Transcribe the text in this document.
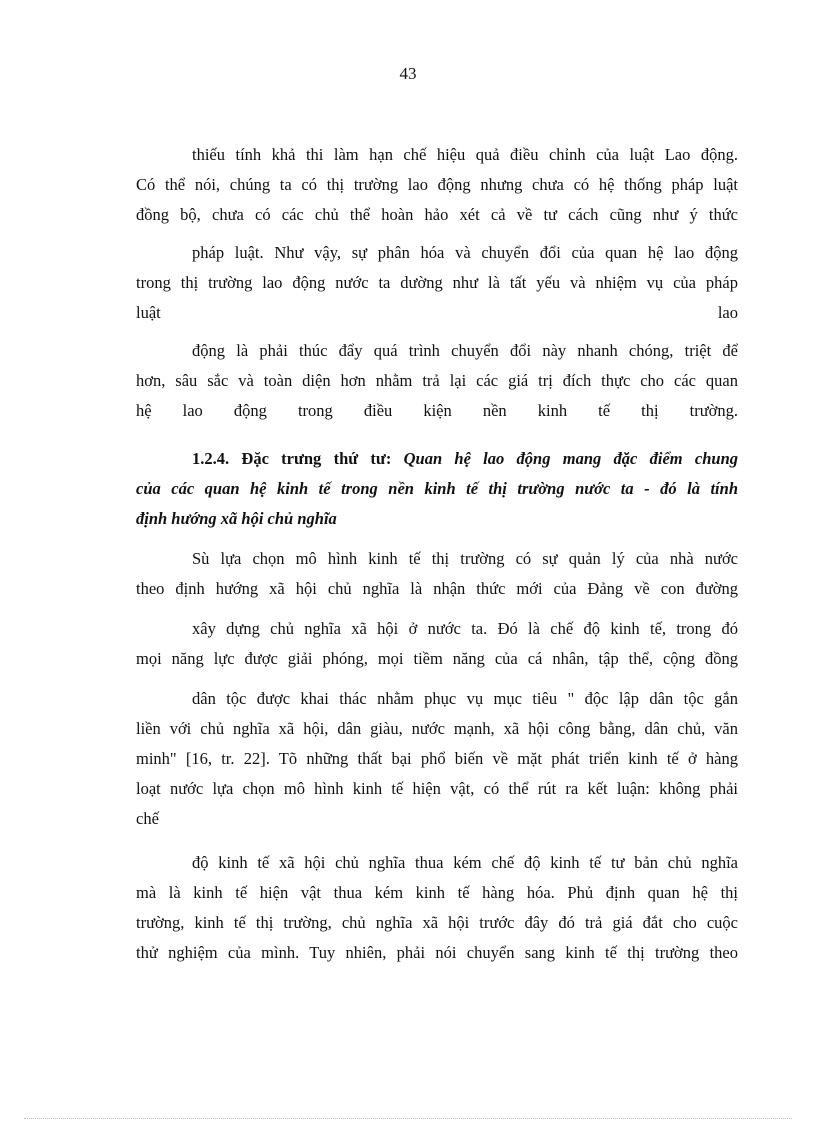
43
thiếu tính khả thi làm hạn chế hiệu quả điều chỉnh của luật Lao động.
Có thể nói, chúng ta có thị trường lao động nhưng chưa có hệ thống pháp luật
đồng bộ, chưa có các chủ thể hoàn hảo xét cả về tư cách cũng như ý thức
pháp luật. Như vậy, sự phân hóa và chuyển đổi của quan hệ lao động
trong thị trường lao động nước ta dường như là tất yếu và nhiệm vụ của pháp
luật	lao
động là phải thúc đẩy quá trình chuyển đổi này nhanh chóng, triệt để
hơn, sâu sắc và toàn diện hơn nhằm trả lại các giá trị đích thực cho các quan
hệ lao động trong điều kiện nền kinh tế thị trường.
1.2.4. Đặc trưng thứ tư: Quan hệ lao động mang đặc điểm chung
của các quan hệ kinh tế trong nền kinh tế thị trường nước ta - đó là tính
định hướng xã hội chủ nghĩa
Sù lựa chọn mô hình kinh tế thị trường có sự quản lý của nhà nước
theo định hướng xã hội chủ nghĩa là nhận thức mới của Đảng về con đường
xây dựng chủ nghĩa xã hội ở nước ta. Đó là chế độ kinh tế, trong đó
mọi năng lực được giải phóng, mọi tiềm năng của cá nhân, tập thể, cộng đồng
dân tộc được khai thác nhằm phục vụ mục tiêu " độc lập dân tộc gắn
liền với chủ nghĩa xã hội, dân giàu, nước mạnh, xã hội công bằng, dân chủ, văn
minh" [16, tr. 22]. Tõ những thất bại phổ biến về mặt phát triển kinh tế ở hàng
loạt nước lựa chọn mô hình kinh tế hiện vật, có thể rút ra kết luận: không phải
chế
độ kinh tế xã hội chủ nghĩa thua kém chế độ kinh tế tư bản chủ nghĩa
mà là kinh tế hiện vật thua kém kinh tế hàng hóa. Phủ định quan hệ thị
trường, kinh tế thị trường, chủ nghĩa xã hội trước đây đó trả giá đắt cho cuộc
thử nghiệm của mình. Tuy nhiên, phải nói chuyển sang kinh tế thị trường theo
